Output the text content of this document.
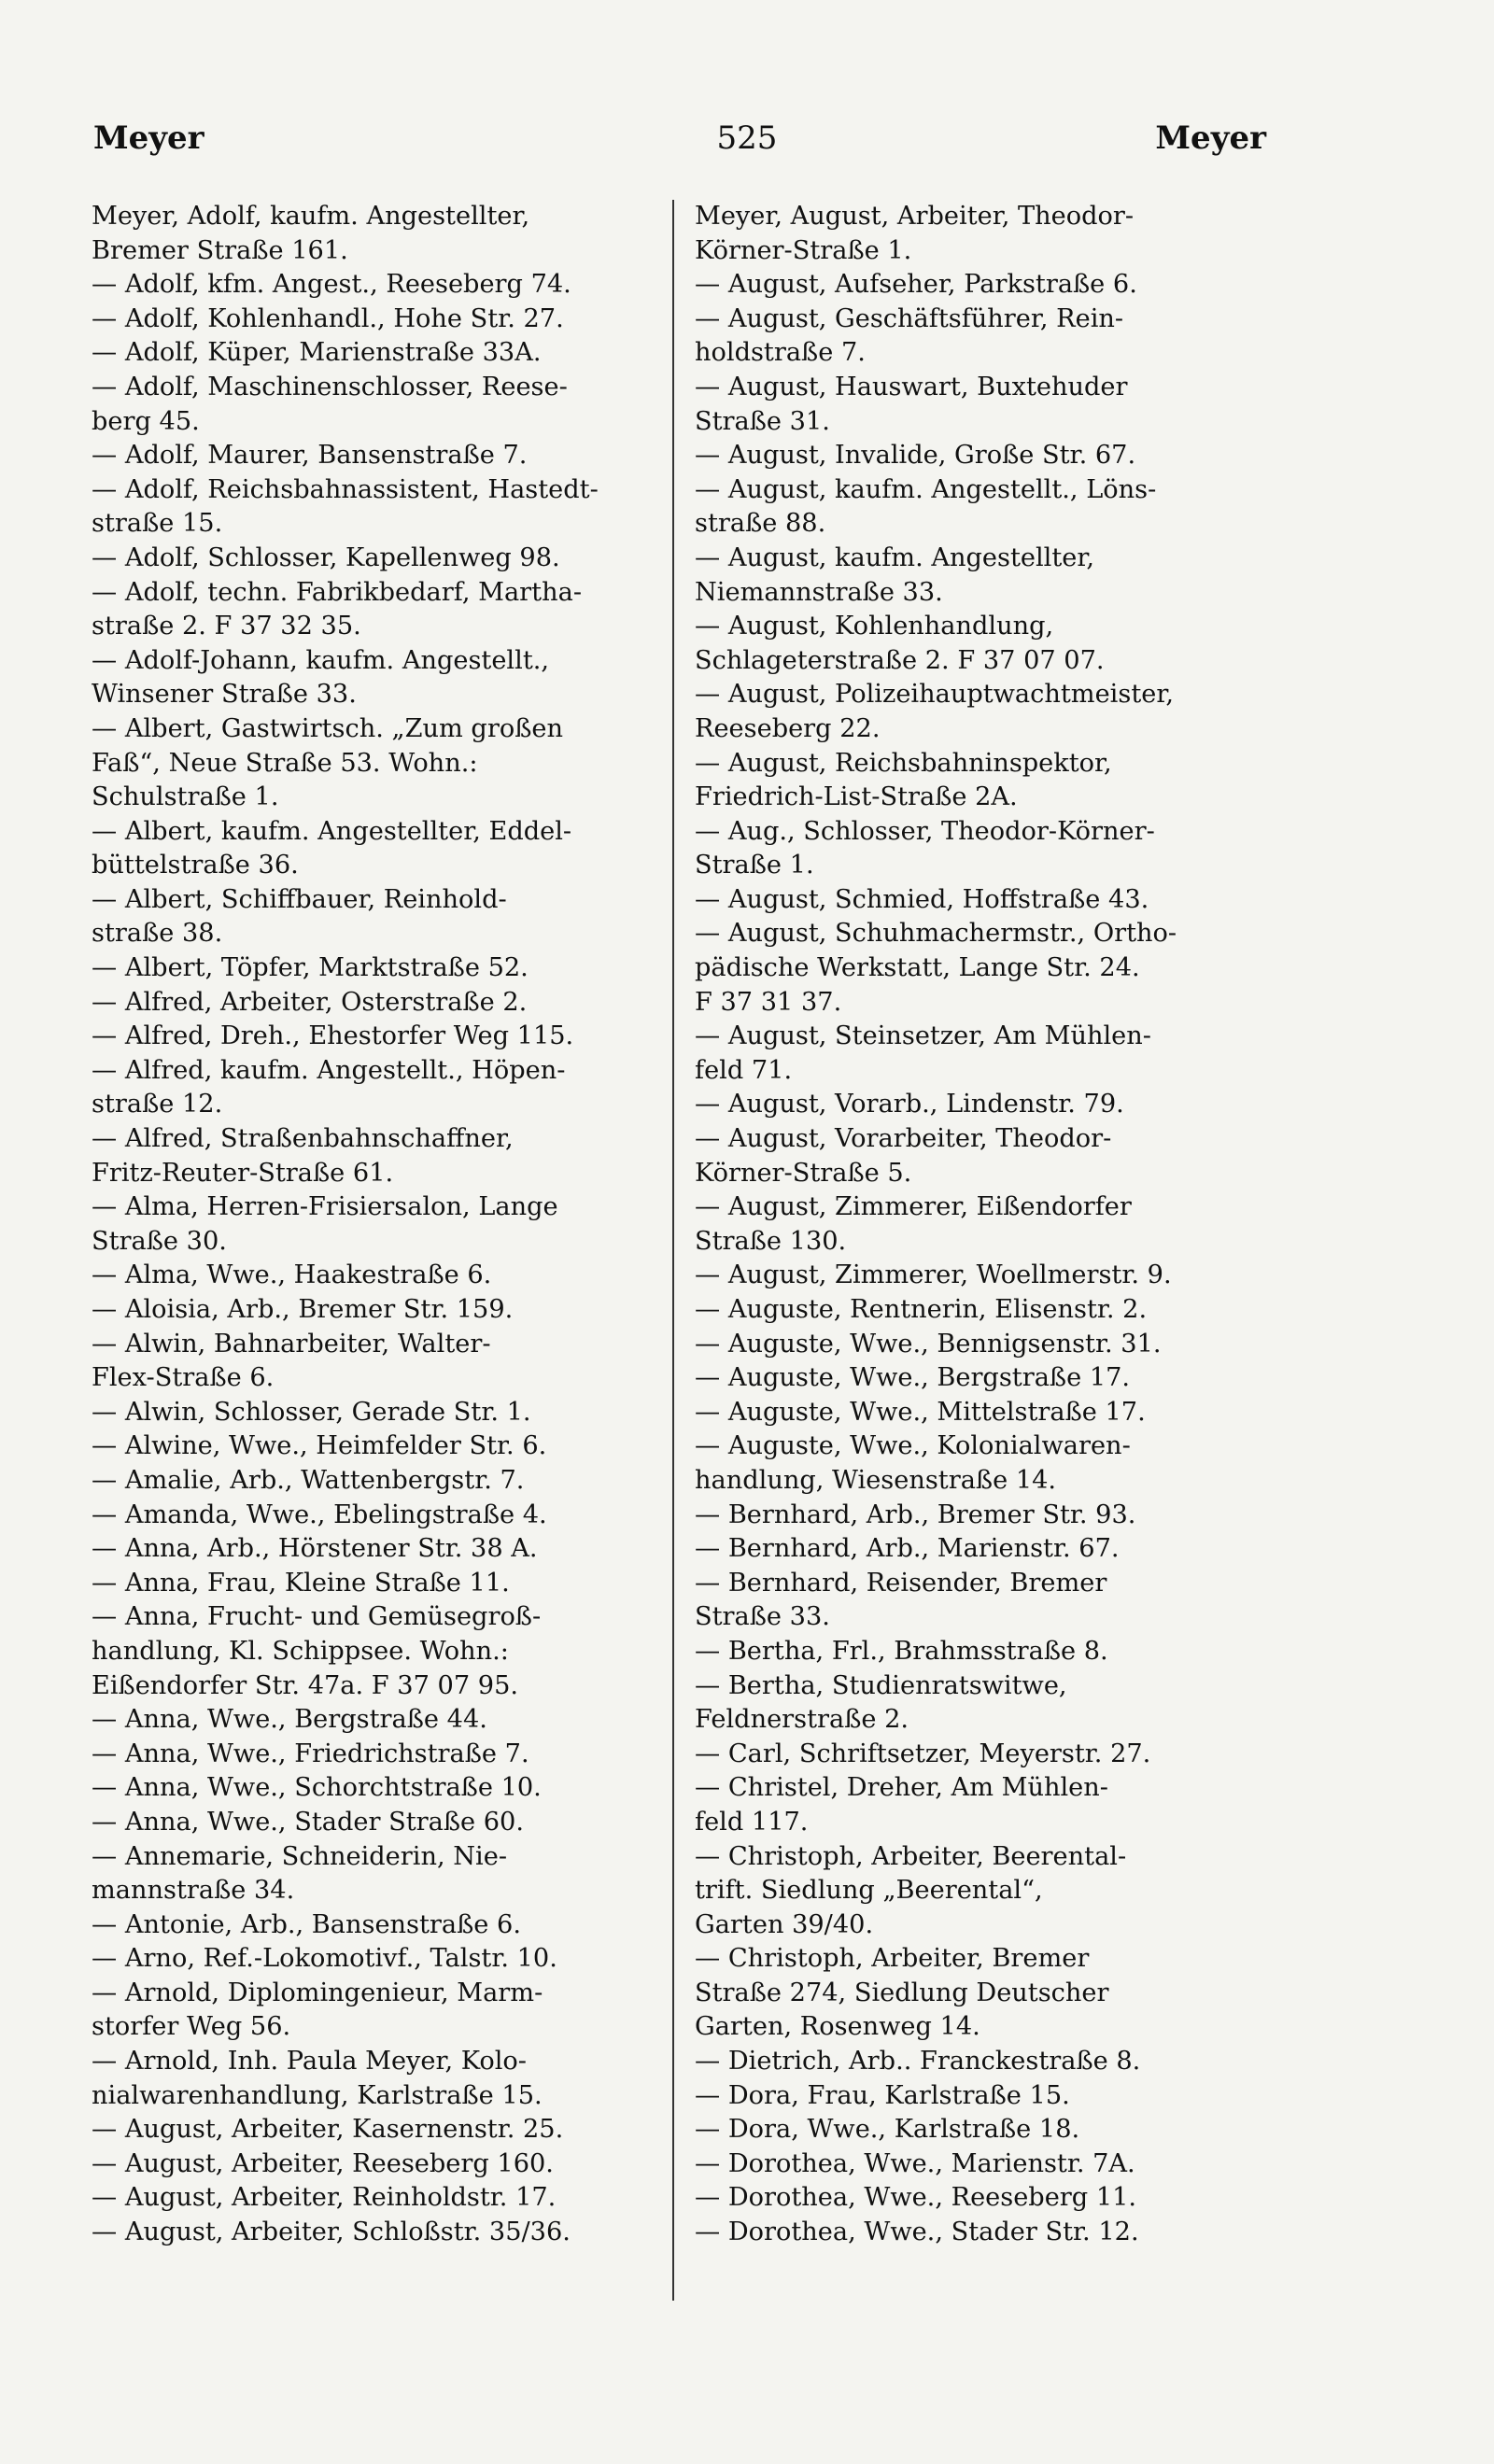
Meyer	525	Meyer
Meyer, Adolf, kaufm. Angestellter,
Bremer Straße 161.
— Adolf, kfm. Angest., Reeseberg 74.
— Adolf, Kohlenhandl., Hohe Str. 27.
— Adolf, Küper, Marienstraße 33A.
— Adolf, Maschinenschlosser, Reese-
berg 45.
— Adolf, Maurer, Bansenstraße 7.
— Adolf, Reichsbahnassistent, Hastedt-
straße 15.
— Adolf, Schlosser, Kapellenweg 98.
— Adolf, techn. Fabrikbedarf, Martha-
straße 2. F 37 32 35.
— Adolf-Johann, kaufm. Angestellt.,
Winsener Straße 33.
— Albert, Gastwirtsch. „Zum großen
Faß“, Neue Straße 53. Wohn.:
Schulstraße 1.
— Albert, kaufm. Angestellter, Eddel-
büttelstraße 36.
— Albert, Schiffbauer, Reinhold-
straße 38.
— Albert, Töpfer, Marktstraße 52.
— Alfred, Arbeiter, Osterstraße 2.
— Alfred, Dreh., Ehestorfer Weg 115.
— Alfred, kaufm. Angestellt., Höpen-
straße 12.
— Alfred, Straßenbahnschaffner,
Fritz-Reuter-Straße 61.
— Alma, Herren-Frisiersalon, Lange
Straße 30.
— Alma, Wwe., Haakestraße 6.
— Aloisia, Arb., Bremer Str. 159.
— Alwin, Bahnarbeiter, Walter-
Flex-Straße 6.
— Alwin, Schlosser, Gerade Str. 1.
— Alwine, Wwe., Heimfelder Str. 6.
— Amalie, Arb., Wattenbergstr. 7.
— Amanda, Wwe., Ebelingstraße 4.
— Anna, Arb., Hörstener Str. 38 A.
— Anna, Frau, Kleine Straße 11.
— Anna, Frucht- und Gemüsegroß-
handlung, Kl. Schippsee. Wohn.:
Eißendorfer Str. 47a. F 37 07 95.
— Anna, Wwe., Bergstraße 44.
— Anna, Wwe., Friedrichstraße 7.
— Anna, Wwe., Schorchtstraße 10.
— Anna, Wwe., Stader Straße 60.
— Annemarie, Schneiderin, Nie-
mannstraße 34.
— Antonie, Arb., Bansenstraße 6.
— Arno, Ref.-Lokomotivf., Talstr. 10.
— Arnold, Diplomingenieur, Marm-
storfer Weg 56.
— Arnold, Inh. Paula Meyer, Kolo-
nialwarenhandlung, Karlstraße 15.
— August, Arbeiter, Kasernenstr. 25.
— August, Arbeiter, Reeseberg 160.
— August, Arbeiter, Reinholdstr. 17.
— August, Arbeiter, Schloßstr. 35/36.
Meyer, August, Arbeiter, Theodor-
Körner-Straße 1.
— August, Aufseher, Parkstraße 6.
— August, Geschäftsführer, Rein-
holdstraße 7.
— August, Hauswart, Buxtehuder
Straße 31.
— August, Invalide, Große Str. 67.
— August, kaufm. Angestellt., Löns-
straße 88.
— August, kaufm. Angestellter,
Niemannstraße 33.
— August, Kohlenhandlung,
Schlageterstraße 2. F 37 07 07.
— August, Polizeihauptwachtmeister,
Reeseberg 22.
— August, Reichsbahninspektor,
Friedrich-List-Straße 2A.
— Aug., Schlosser, Theodor-Körner-
Straße 1.
— August, Schmied, Hoffstraße 43.
— August, Schuhmachermstr., Ortho-
pädische Werkstatt, Lange Str. 24.
F 37 31 37.
— August, Steinsetzer, Am Mühlen-
feld 71.
— August, Vorarb., Lindenstr. 79.
— August, Vorarbeiter, Theodor-
Körner-Straße 5.
— August, Zimmerer, Eißendorfer
Straße 130.
— August, Zimmerer, Woellmerstr. 9.
— Auguste, Rentnerin, Elisenstr. 2.
— Auguste, Wwe., Bennigsenstr. 31.
— Auguste, Wwe., Bergstraße 17.
— Auguste, Wwe., Mittelstraße 17.
— Auguste, Wwe., Kolonialwaren-
handlung, Wiesenstraße 14.
— Bernhard, Arb., Bremer Str. 93.
— Bernhard, Arb., Marienstr. 67.
— Bernhard, Reisender, Bremer
Straße 33.
— Bertha, Frl., Brahmsstraße 8.
— Bertha, Studienratswitwe,
Feldnerstraße 2.
— Carl, Schriftsetzer, Meyerstr. 27.
— Christel, Dreher, Am Mühlen-
feld 117.
— Christoph, Arbeiter, Beerental-
trift. Siedlung „Beerental“,
Garten 39/40.
— Christoph, Arbeiter, Bremer
Straße 274, Siedlung Deutscher
Garten, Rosenweg 14.
— Dietrich, Arb.. Franckestraße 8.
— Dora, Frau, Karlstraße 15.
— Dora, Wwe., Karlstraße 18.
— Dorothea, Wwe., Marienstr. 7A.
— Dorothea, Wwe., Reeseberg 11.
— Dorothea, Wwe., Stader Str. 12.
